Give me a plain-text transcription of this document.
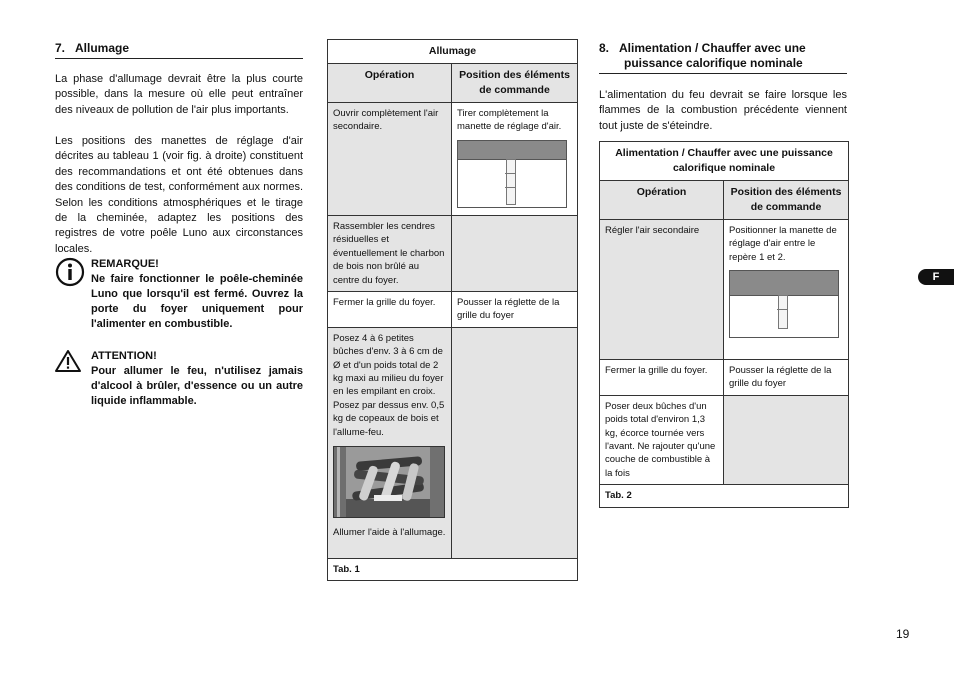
7.   Allumage
La phase d'allumage devrait être la plus courte possible, dans la mesure où elle peut entraîner des niveaux de pollution de l'air plus importants.
Les positions des manettes de réglage d'air décrites au tableau 1 (voir fig. à droite) constituent des recommandations et ont été obtenues dans des conditions de test, conformément aux normes. Selon les conditions atmosphériques et le tirage de la cheminée, adaptez les positions des registres de votre poêle Luno aux circonstances locales.
REMARQUE!
Ne faire fonctionner le poêle-cheminée Luno que lorsqu'il est fermé. Ouvrez la porte du foyer uniquement pour l'alimenter en combustible.
ATTENTION!
Pour allumer le feu, n'utilisez jamais d'alcool à brûler, d'essence ou un autre liquide inflammable.
Allumage	
Opération	Position des éléments de commande
Ouvrir complètement l'air secondaire.	Tirer complètement la manette de réglage d'air.

Rassembler les cendres résiduelles et éventuellement le charbon de bois non brûlé au centre du foyer.	
Fermer la grille du foyer.	Pousser la réglette de la grille du foyer

Posez 4 à 6 petites bûches d'env. 3 à 6 cm de Ø et d'un poids total de 2 kg maxi au milieu du foyer en les empilant en croix. Posez par dessus env. 0,5 kg de copeaux de bois et l'allume-feu.
Allumer l'aide à l'allumage.	

Tab. 1	
8.   Alimentation / Chauffer avec une
puissance calorifique nominale
L'alimentation du feu devrait se faire lorsque les flammes de la combustion précédente viennent tout juste de s'éteindre.
Alimentation / Chauffer avec une puissance calorifique nominale	
Opération	Position des éléments de commande
Régler l'air secondaire	Positionner la manette de réglage d'air entre le repère 1 et 2.

Fermer la grille du foyer.	Pousser la réglette de la grille du foyer
Poser deux bûches d'un poids total d'environ 1,3 kg, écorce tournée vers l'avant. Ne rajouter qu'une couche de combustible à la fois	
Tab. 2	
F
19
